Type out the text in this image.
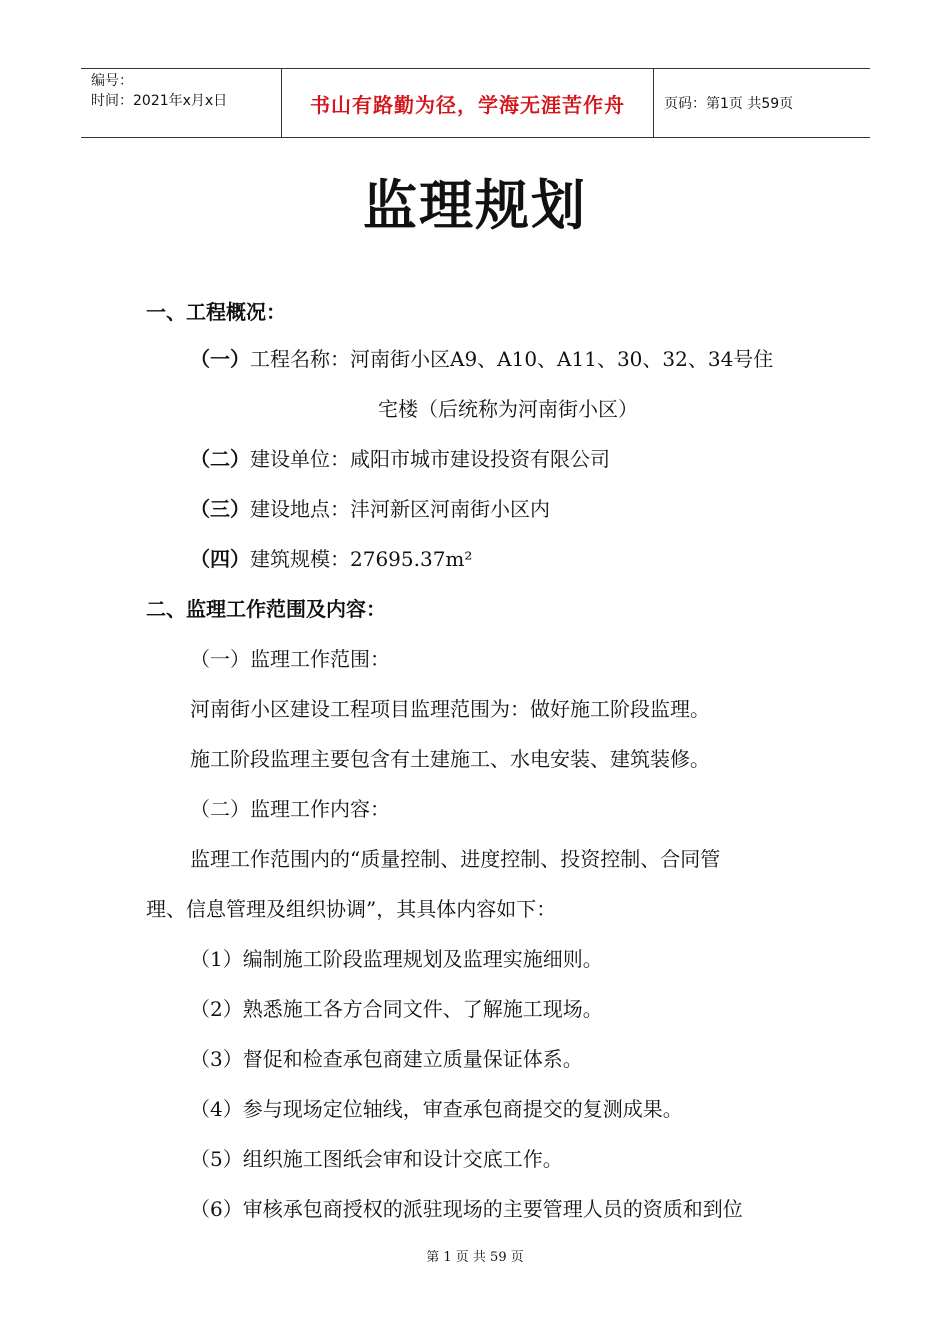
编号：
时间：2021年x月x日	书山有路勤为径，学海无涯苦作舟	页码：第1页 共59页
监理规划
一、工程概况：
（一）工程名称：河南街小区A9、A10、A11、30、32、34号住
宅楼（后统称为河南街小区）
（二）建设单位：咸阳市城市建设投资有限公司
（三）建设地点：沣河新区河南街小区内
（四）建筑规模：27695.37m²
二、监理工作范围及内容：
（一）监理工作范围：
河南街小区建设工程项目监理范围为：做好施工阶段监理。
施工阶段监理主要包含有土建施工、水电安装、建筑装修。
（二）监理工作内容：
监理工作范围内的“质量控制、进度控制、投资控制、合同管
理、信息管理及组织协调”，其具体内容如下：
（1）编制施工阶段监理规划及监理实施细则。
（2）熟悉施工各方合同文件、了解施工现场。
（3）督促和检查承包商建立质量保证体系。
（4）参与现场定位轴线，审查承包商提交的复测成果。
（5）组织施工图纸会审和设计交底工作。
（6）审核承包商授权的派驻现场的主要管理人员的资质和到位
第 1 页 共 59 页
